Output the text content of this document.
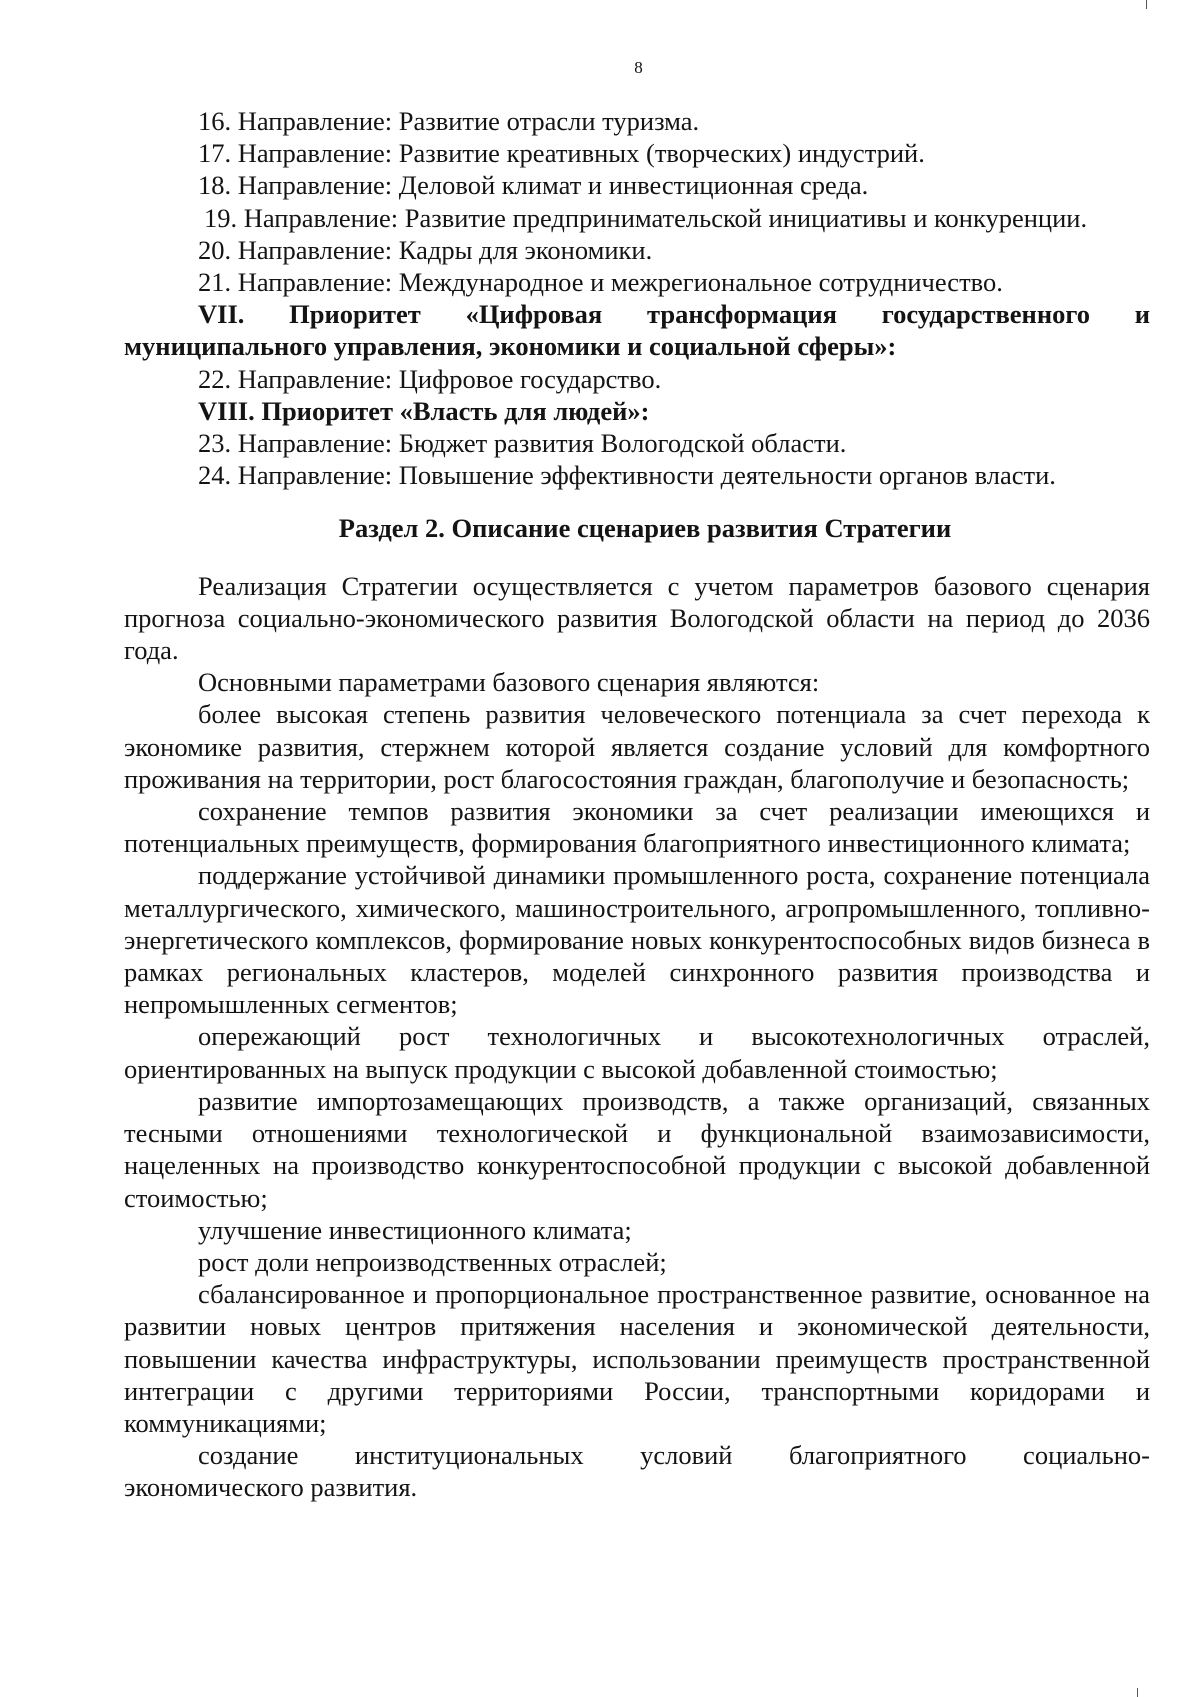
8
16. Направление: Развитие отрасли туризма.
17. Направление: Развитие креативных (творческих) индустрий.
18. Направление: Деловой климат и инвестиционная среда.
19. Направление: Развитие предпринимательской инициативы и конкуренции.
20. Направление: Кадры для экономики.
21. Направление: Международное и межрегиональное сотрудничество.
VII. Приоритет «Цифровая трансформация государственного и муниципального управления, экономики и социальной сферы»:
22. Направление: Цифровое государство.
VIII. Приоритет «Власть для людей»:
23. Направление: Бюджет развития Вологодской области.
24. Направление: Повышение эффективности деятельности органов власти.
Раздел 2. Описание сценариев развития Стратегии
Реализация Стратегии осуществляется с учетом параметров базового сценария прогноза социально-экономического развития Вологодской области на период до 2036 года.
Основными параметрами базового сценария являются:
более высокая степень развития человеческого потенциала за счет перехода к экономике развития, стержнем которой является создание условий для комфортного проживания на территории, рост благосостояния граждан, благополучие и безопасность;
сохранение темпов развития экономики за счет реализации имеющихся и потенциальных преимуществ, формирования благоприятного инвестиционного климата;
поддержание устойчивой динамики промышленного роста, сохранение потенциала металлургического, химического, машиностроительного, агропромышленного, топливно-энергетического комплексов, формирование новых конкурентоспособных видов бизнеса в рамках региональных кластеров, моделей синхронного развития производства и непромышленных сегментов;
опережающий рост технологичных и высокотехнологичных отраслей, ориентированных на выпуск продукции с высокой добавленной стоимостью;
развитие импортозамещающих производств, а также организаций, связанных тесными отношениями технологической и функциональной взаимозависимости, нацеленных на производство конкурентоспособной продукции с высокой добавленной стоимостью;
улучшение инвестиционного климата;
рост доли непроизводственных отраслей;
сбалансированное и пропорциональное пространственное развитие, основанное на развитии новых центров притяжения населения и экономической деятельности, повышении качества инфраструктуры, использовании преимуществ пространственной интеграции с другими территориями России, транспортными коридорами и коммуникациями;
создание институциональных условий благоприятного социально-
экономического развития.
